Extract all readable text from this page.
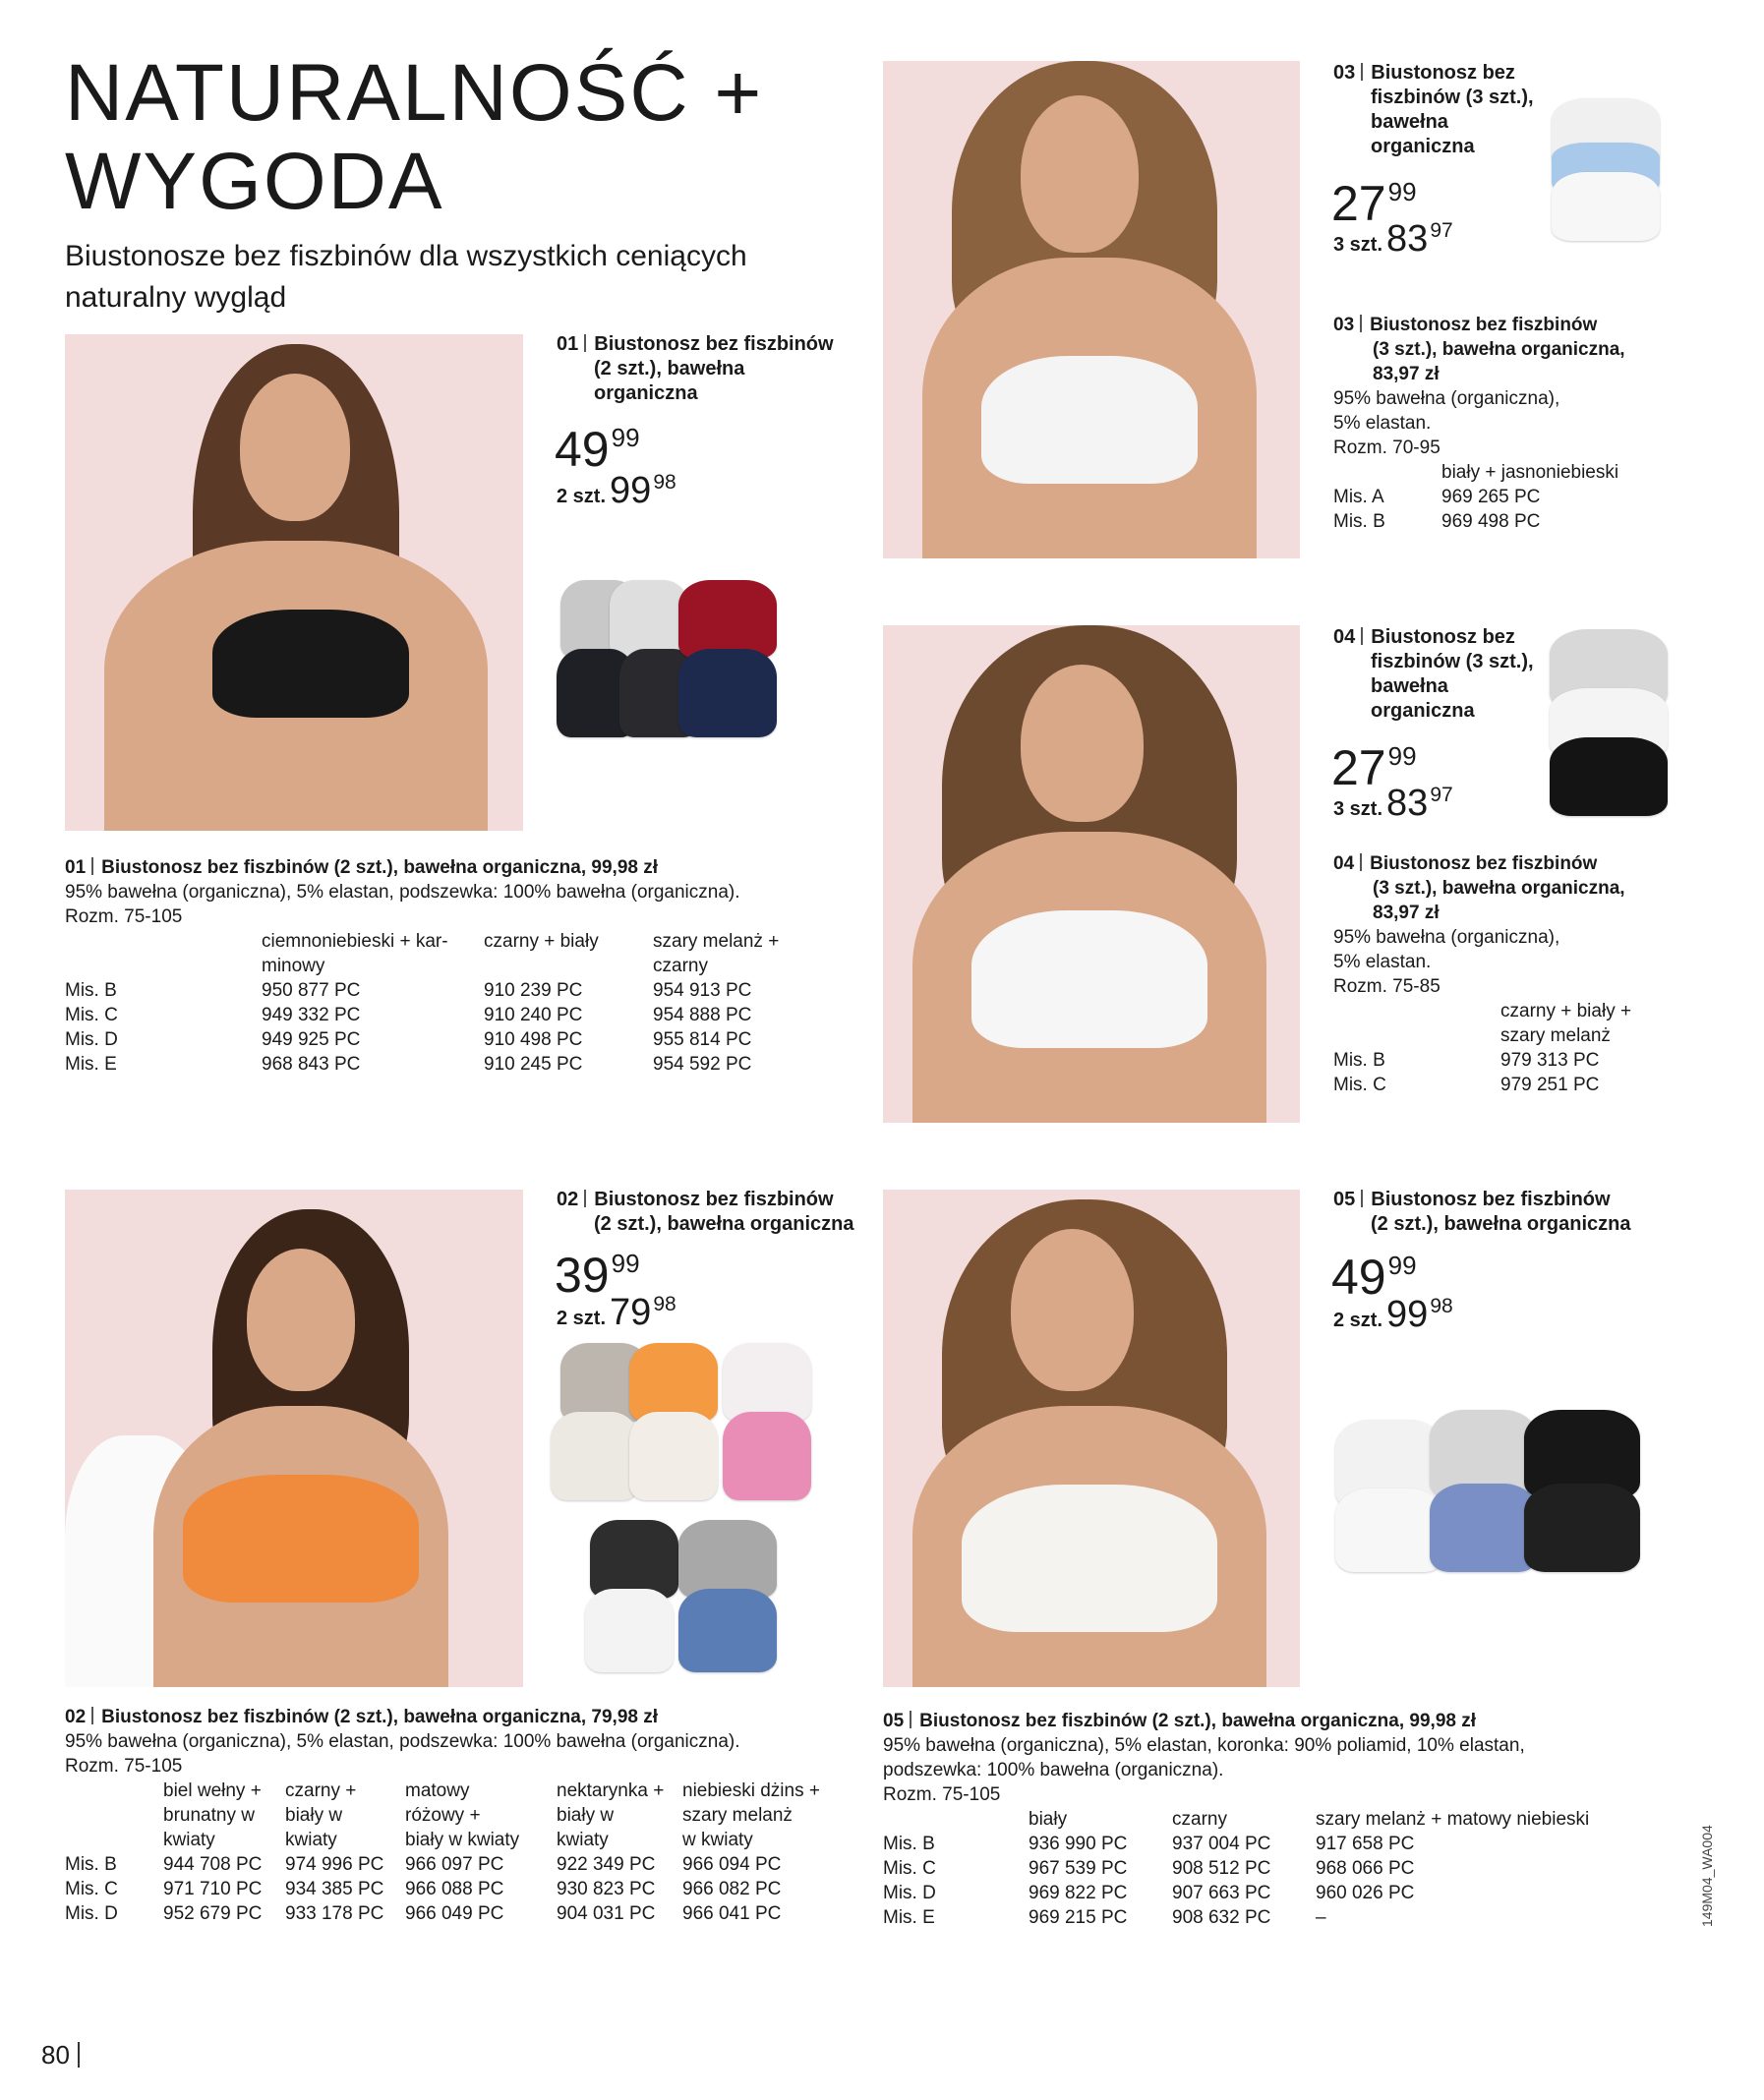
NATURALNOŚĆ +
WYGODA
Biustonosze bez fiszbinów dla wszystkich ceniących naturalny wygląd
01 Biustonosz bez fiszbinów
(2 szt.), bawełna
organiczna
$49^{99}$
2 szt. $99^{98}$
01 Biustonosz bez fiszbinów (2 szt.), bawełna organiczna, 99,98 zł
95% bawełna (organiczna), 5% elastan, podszewka: 100% bawełna (organiczna).
Rozm. 75-105
	ciemnoniebieski + kar-	czarny + biały	szary melanż +
	minowy		czarny
Mis. B	950 877 PC	910 239 PC	954 913 PC
Mis. C	949 332 PC	910 240 PC	954 888 PC
Mis. D	949 925 PC	910 498 PC	955 814 PC
Mis. E	968 843 PC	910 245 PC	954 592 PC
03 Biustonosz bez
fiszbinów (3 szt.),
bawełna
organiczna
$27^{99}$
3 szt. $83^{97}$
03 Biustonosz bez fiszbinów
(3 szt.), bawełna organiczna,
83,97 zł
95% bawełna (organiczna),
5% elastan.
Rozm. 70-95
	biały + jasnoniebieski
Mis. A	969 265 PC
Mis. B	969 498 PC
04 Biustonosz bez
fiszbinów (3 szt.),
bawełna
organiczna
$27^{99}$
3 szt. $83^{97}$
04 Biustonosz bez fiszbinów
(3 szt.), bawełna organiczna,
83,97 zł
95% bawełna (organiczna),
5% elastan.
Rozm. 75-85
	czarny + biały +
	szary melanż
Mis. B	979 313 PC
Mis. C	979 251 PC
02 Biustonosz bez fiszbinów
(2 szt.), bawełna organiczna
$39^{99}$
2 szt. $79^{98}$
02 Biustonosz bez fiszbinów (2 szt.), bawełna organiczna, 79,98 zł
95% bawełna (organiczna), 5% elastan, podszewka: 100% bawełna (organiczna).
Rozm. 75-105
	biel wełny +	czarny +	matowy	nektarynka +	niebieski dżins +
	brunatny w	biały w	różowy +	biały w	szary melanż
	kwiaty	kwiaty	biały w kwiaty	kwiaty	w kwiaty
Mis. B	944 708 PC	974 996 PC	966 097 PC	922 349 PC	966 094 PC
Mis. C	971 710 PC	934 385 PC	966 088 PC	930 823 PC	966 082 PC
Mis. D	952 679 PC	933 178 PC	966 049 PC	904 031 PC	966 041 PC
05 Biustonosz bez fiszbinów
(2 szt.), bawełna organiczna
$49^{99}$
2 szt. $99^{98}$
05 Biustonosz bez fiszbinów (2 szt.), bawełna organiczna, 99,98 zł
95% bawełna (organiczna), 5% elastan, koronka: 90% poliamid, 10% elastan,
podszewka: 100% bawełna (organiczna).
Rozm. 75-105
	biały	czarny	szary melanż + matowy niebieski
Mis. B	936 990 PC	937 004 PC	917 658 PC
Mis. C	967 539 PC	908 512 PC	968 066 PC
Mis. D	969 822 PC	907 663 PC	960 026 PC
Mis. E	969 215 PC	908 632 PC	–
80
149M04_WA004
